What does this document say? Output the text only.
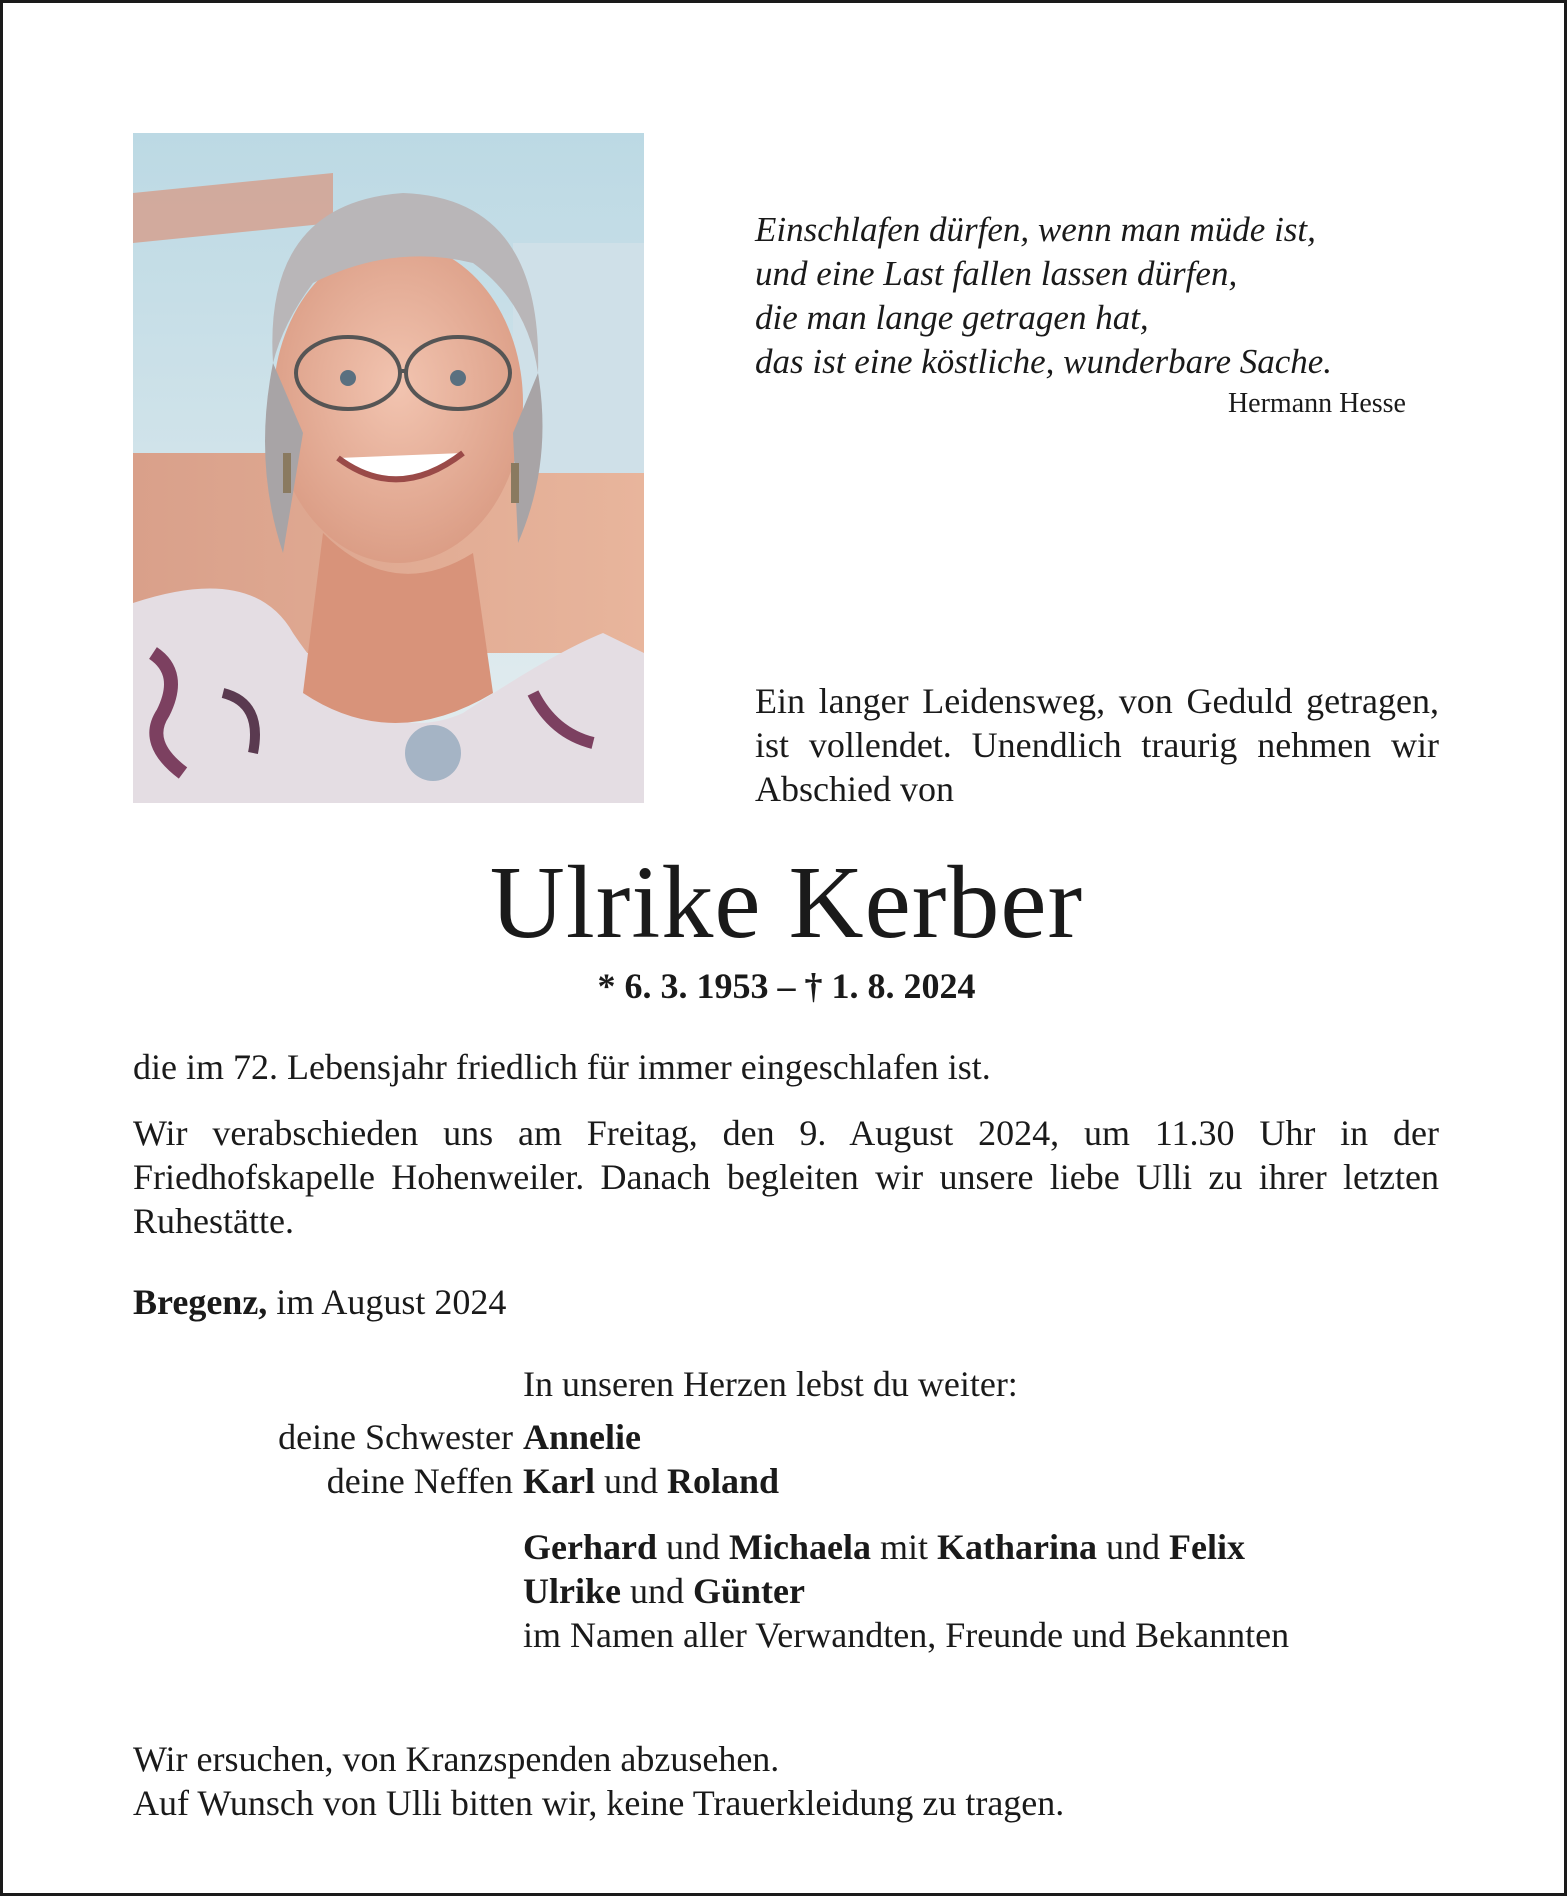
Einschlafen dürfen, wenn man müde ist,
und eine Last fallen lassen dürfen,
die man lange getragen hat,
das ist eine köstliche, wunderbare Sache.
Hermann Hesse
Ein langer Leidensweg, von Geduld getragen, ist vollendet. Unendlich traurig nehmen wir Abschied von
Ulrike Kerber
* 6. 3. 1953 – † 1. 8. 2024
die im 72. Lebensjahr friedlich für immer eingeschlafen ist.
Wir verabschieden uns am Freitag, den 9. August 2024, um 11.30 Uhr in der Friedhofskapelle Hohenweiler. Danach begleiten wir unsere liebe Ulli zu ihrer letzten Ruhestätte.
Bregenz, im August 2024
In unseren Herzen lebst du weiter:
deine Schwester Annelie
deine Neffen Karl und Roland
Gerhard und Michaela mit Katharina und Felix
Ulrike und Günter
im Namen aller Verwandten, Freunde und Bekannten
Wir ersuchen, von Kranzspenden abzusehen.
Auf Wunsch von Ulli bitten wir, keine Trauerkleidung zu tragen.
